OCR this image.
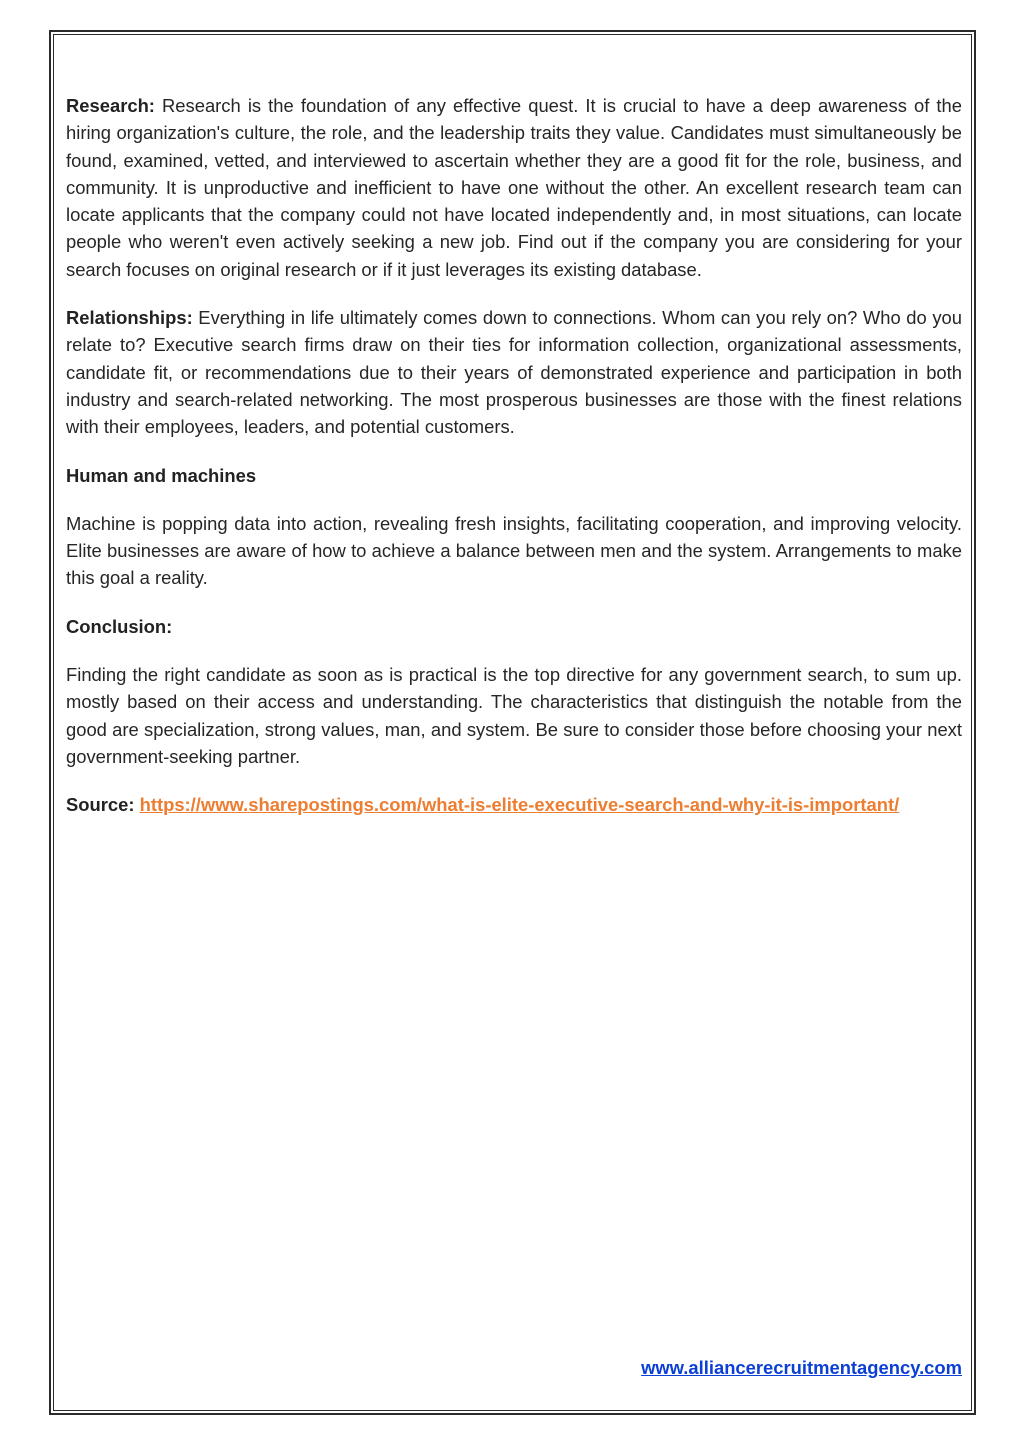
Research: Research is the foundation of any effective quest. It is crucial to have a deep awareness of the hiring organization's culture, the role, and the leadership traits they value. Candidates must simultaneously be found, examined, vetted, and interviewed to ascertain whether they are a good fit for the role, business, and community. It is unproductive and inefficient to have one without the other. An excellent research team can locate applicants that the company could not have located independently and, in most situations, can locate people who weren't even actively seeking a new job. Find out if the company you are considering for your search focuses on original research or if it just leverages its existing database.

Relationships: Everything in life ultimately comes down to connections. Whom can you rely on? Who do you relate to? Executive search firms draw on their ties for information collection, organizational assessments, candidate fit, or recommendations due to their years of demonstrated experience and participation in both industry and search-related networking. The most prosperous businesses are those with the finest relations with their employees, leaders, and potential customers.

Human and machines

Machine is popping data into action, revealing fresh insights, facilitating cooperation, and improving velocity. Elite businesses are aware of how to achieve a balance between men and the system. Arrangements to make this goal a reality.

Conclusion:

Finding the right candidate as soon as is practical is the top directive for any government search, to sum up. mostly based on their access and understanding. The characteristics that distinguish the notable from the good are specialization, strong values, man, and system. Be sure to consider those before choosing your next government-seeking partner.

Source: https://www.sharepostings.com/what-is-elite-executive-search-and-why-it-is-important/

www.alliancerecruitmentagency.com
